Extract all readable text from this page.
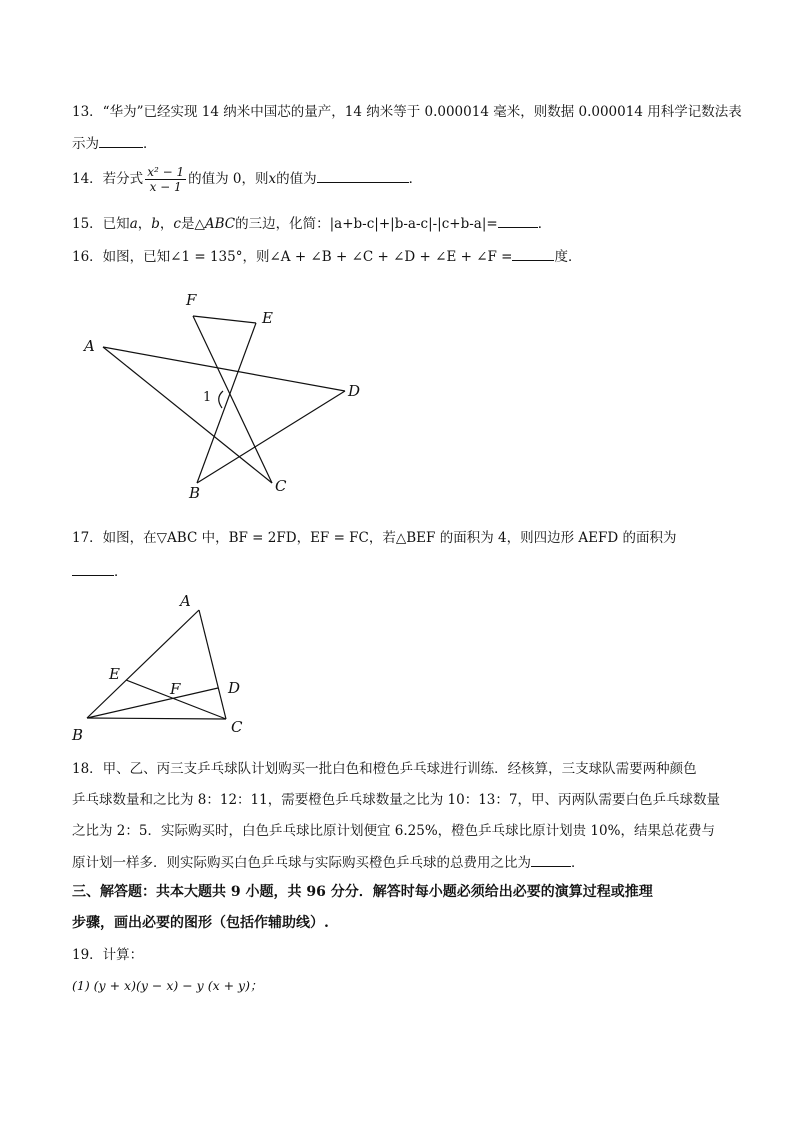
13．“华为”已经实现 14 纳米中国芯的量产，14 纳米等于 0.000014 毫米，则数据 0.000014 用科学记数法表
示为	．
14．若分式 $\frac{\text{x² − 1}}{x - 1}$ 的值为 0，则x的值为	．
15．已知a，b，c是△ABC的三边，化简：|a+b-c|+|b-a-c|-|c+b-a|=	．
16．如图，已知∠1 = 135°，则∠A + ∠B + ∠C + ∠D + ∠E + ∠F =	度．
A
F
E
D
B	C
1
17．如图，在▽ABC 中，BF = 2FD，EF = FC，若△BEF 的面积为 4，则四边形 AEFD 的面积为
．
A
E
F	D
B	C
18．甲、乙、丙三支乒乓球队计划购买一批白色和橙色乒乓球进行训练．经核算，三支球队需要两种颜色
乒乓球数量和之比为 8：12：11，需要橙色乒乓球数量之比为 10：13：7，甲、丙两队需要白色乒乓球数量
之比为 2：5．实际购买时，白色乒乓球比原计划便宜 6.25%，橙色乒乓球比原计划贵 10%，结果总花费与
原计划一样多．则实际购买白色乒乓球与实际购买橙色乒乓球的总费用之比为	．
三、解答题：共本大题共 9 小题，共 96 分分．解答时每小题必须给出必要的演算过程或推理
步骤，画出必要的图形（包括作辅助线）.
19．计算：
(1) (y + x)(y − x) − y (x + y)；
